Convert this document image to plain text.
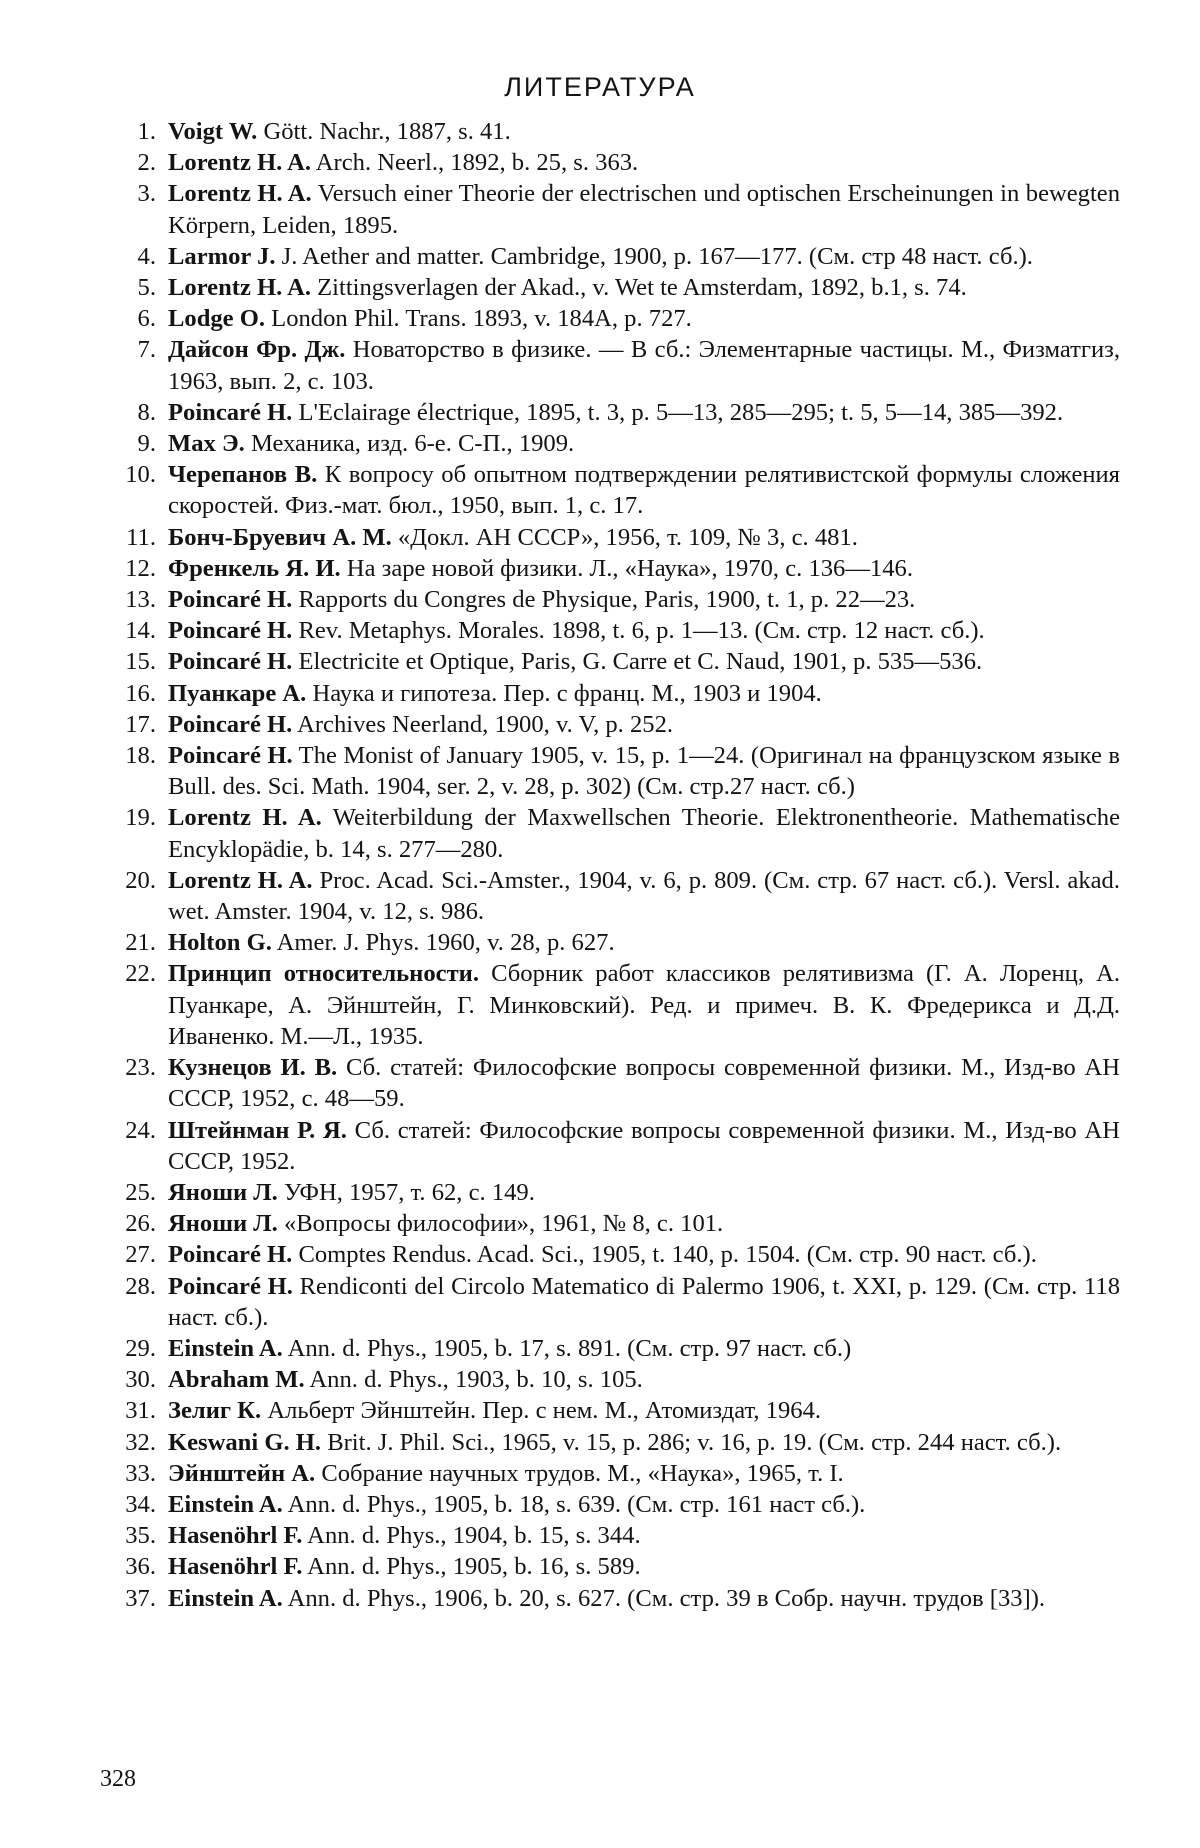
ЛИТЕРАТУРА
1. Voigt W. Gött. Nachr., 1887, s. 41.
2. Lorentz H. A. Arch. Neerl., 1892, b. 25, s. 363.
3. Lorentz H. A. Versuch einer Theorie der electrischen und optischen Erscheinungen in bewegten Körpern, Leiden, 1895.
4. Larmor J. J. Aether and matter. Cambridge, 1900, p. 167—177. (См. стр 48 наст. сб.).
5. Lorentz H. A. Zittingsverlagen der Akad., v. Wet te Amsterdam, 1892, b.1, s. 74.
6. Lodge O. London Phil. Trans. 1893, v. 184A, p. 727.
7. Дайсон Фр. Дж. Новаторство в физике. — В сб.: Элементарные частицы. М., Физматгиз, 1963, вып. 2, с. 103.
8. Poincaré H. L'Eclairage électrique, 1895, t. 3, p. 5—13, 285—295; t. 5, 5—14, 385—392.
9. Мах Э. Механика, изд. 6-е. С-П., 1909.
10. Черепанов В. К вопросу об опытном подтверждении релятивистской формулы сложения скоростей. Физ.-мат. бюл., 1950, вып. 1, с. 17.
11. Бонч-Бруевич А. М. «Докл. АН СССР», 1956, т. 109, № 3, с. 481.
12. Френкель Я. И. На заре новой физики. Л., «Наука», 1970, с. 136—146.
13. Poincaré H. Rapports du Congres de Physique, Paris, 1900, t. 1, p. 22—23.
14. Poincaré H. Rev. Metaphys. Morales. 1898, t. 6, p. 1—13. (См. стр. 12 наст. сб.).
15. Poincaré H. Electricite et Optique, Paris, G. Carre et C. Naud, 1901, p. 535—536.
16. Пуанкаре А. Наука и гипотеза. Пер. с франц. М., 1903 и 1904.
17. Poincaré H. Archives Neerland, 1900, v. V, p. 252.
18. Poincaré H. The Monist of January 1905, v. 15, p. 1—24. (Оригинал на французском языке в Bull. des. Sci. Math. 1904, ser. 2, v. 28, p. 302) (См. стр.27 наст. сб.)
19. Lorentz H. A. Weiterbildung der Maxwellschen Theorie. Elektronentheorie. Mathematische Encyklopädie, b. 14, s. 277—280.
20. Lorentz H. A. Proc. Acad. Sci.-Amster., 1904, v. 6, p. 809. (См. стр. 67 наст. сб.). Versl. akad. wet. Amster. 1904, v. 12, s. 986.
21. Holton G. Amer. J. Phys. 1960, v. 28, p. 627.
22. Принцип относительности. Сборник работ классиков релятивизма (Г. А. Лоренц, А. Пуанкаре, А. Эйнштейн, Г. Минковский). Ред. и примеч. В. К. Фредерикса и Д.Д. Иваненко. М.—Л., 1935.
23. Кузнецов И. В. Сб. статей: Философские вопросы современной физики. М., Изд-во АН СССР, 1952, с. 48—59.
24. Штейнман Р. Я. Сб. статей: Философские вопросы современной физики. М., Изд-во АН СССР, 1952.
25. Яноши Л. УФН, 1957, т. 62, с. 149.
26. Яноши Л. «Вопросы философии», 1961, № 8, с. 101.
27. Poincaré H. Comptes Rendus. Acad. Sci., 1905, t. 140, p. 1504. (См. стр. 90 наст. сб.).
28. Poincaré H. Rendiconti del Circolo Matematico di Palermo 1906, t. XXI, p. 129. (См. стр. 118 наст. сб.).
29. Einstein A. Ann. d. Phys., 1905, b. 17, s. 891. (См. стр. 97 наст. сб.)
30. Abraham M. Ann. d. Phys., 1903, b. 10, s. 105.
31. Зелиг К. Альберт Эйнштейн. Пер. с нем. М., Атомиздат, 1964.
32. Keswani G. H. Brit. J. Phil. Sci., 1965, v. 15, p. 286; v. 16, p. 19. (См. стр. 244 наст. сб.).
33. Эйнштейн А. Собрание научных трудов. М., «Наука», 1965, т. I.
34. Einstein A. Ann. d. Phys., 1905, b. 18, s. 639. (См. стр. 161 наст сб.).
35. Hasenöhrl F. Ann. d. Phys., 1904, b. 15, s. 344.
36. Hasenöhrl F. Ann. d. Phys., 1905, b. 16, s. 589.
37. Einstein A. Ann. d. Phys., 1906, b. 20, s. 627. (См. стр. 39 в Собр. научн. трудов [33]).
328
